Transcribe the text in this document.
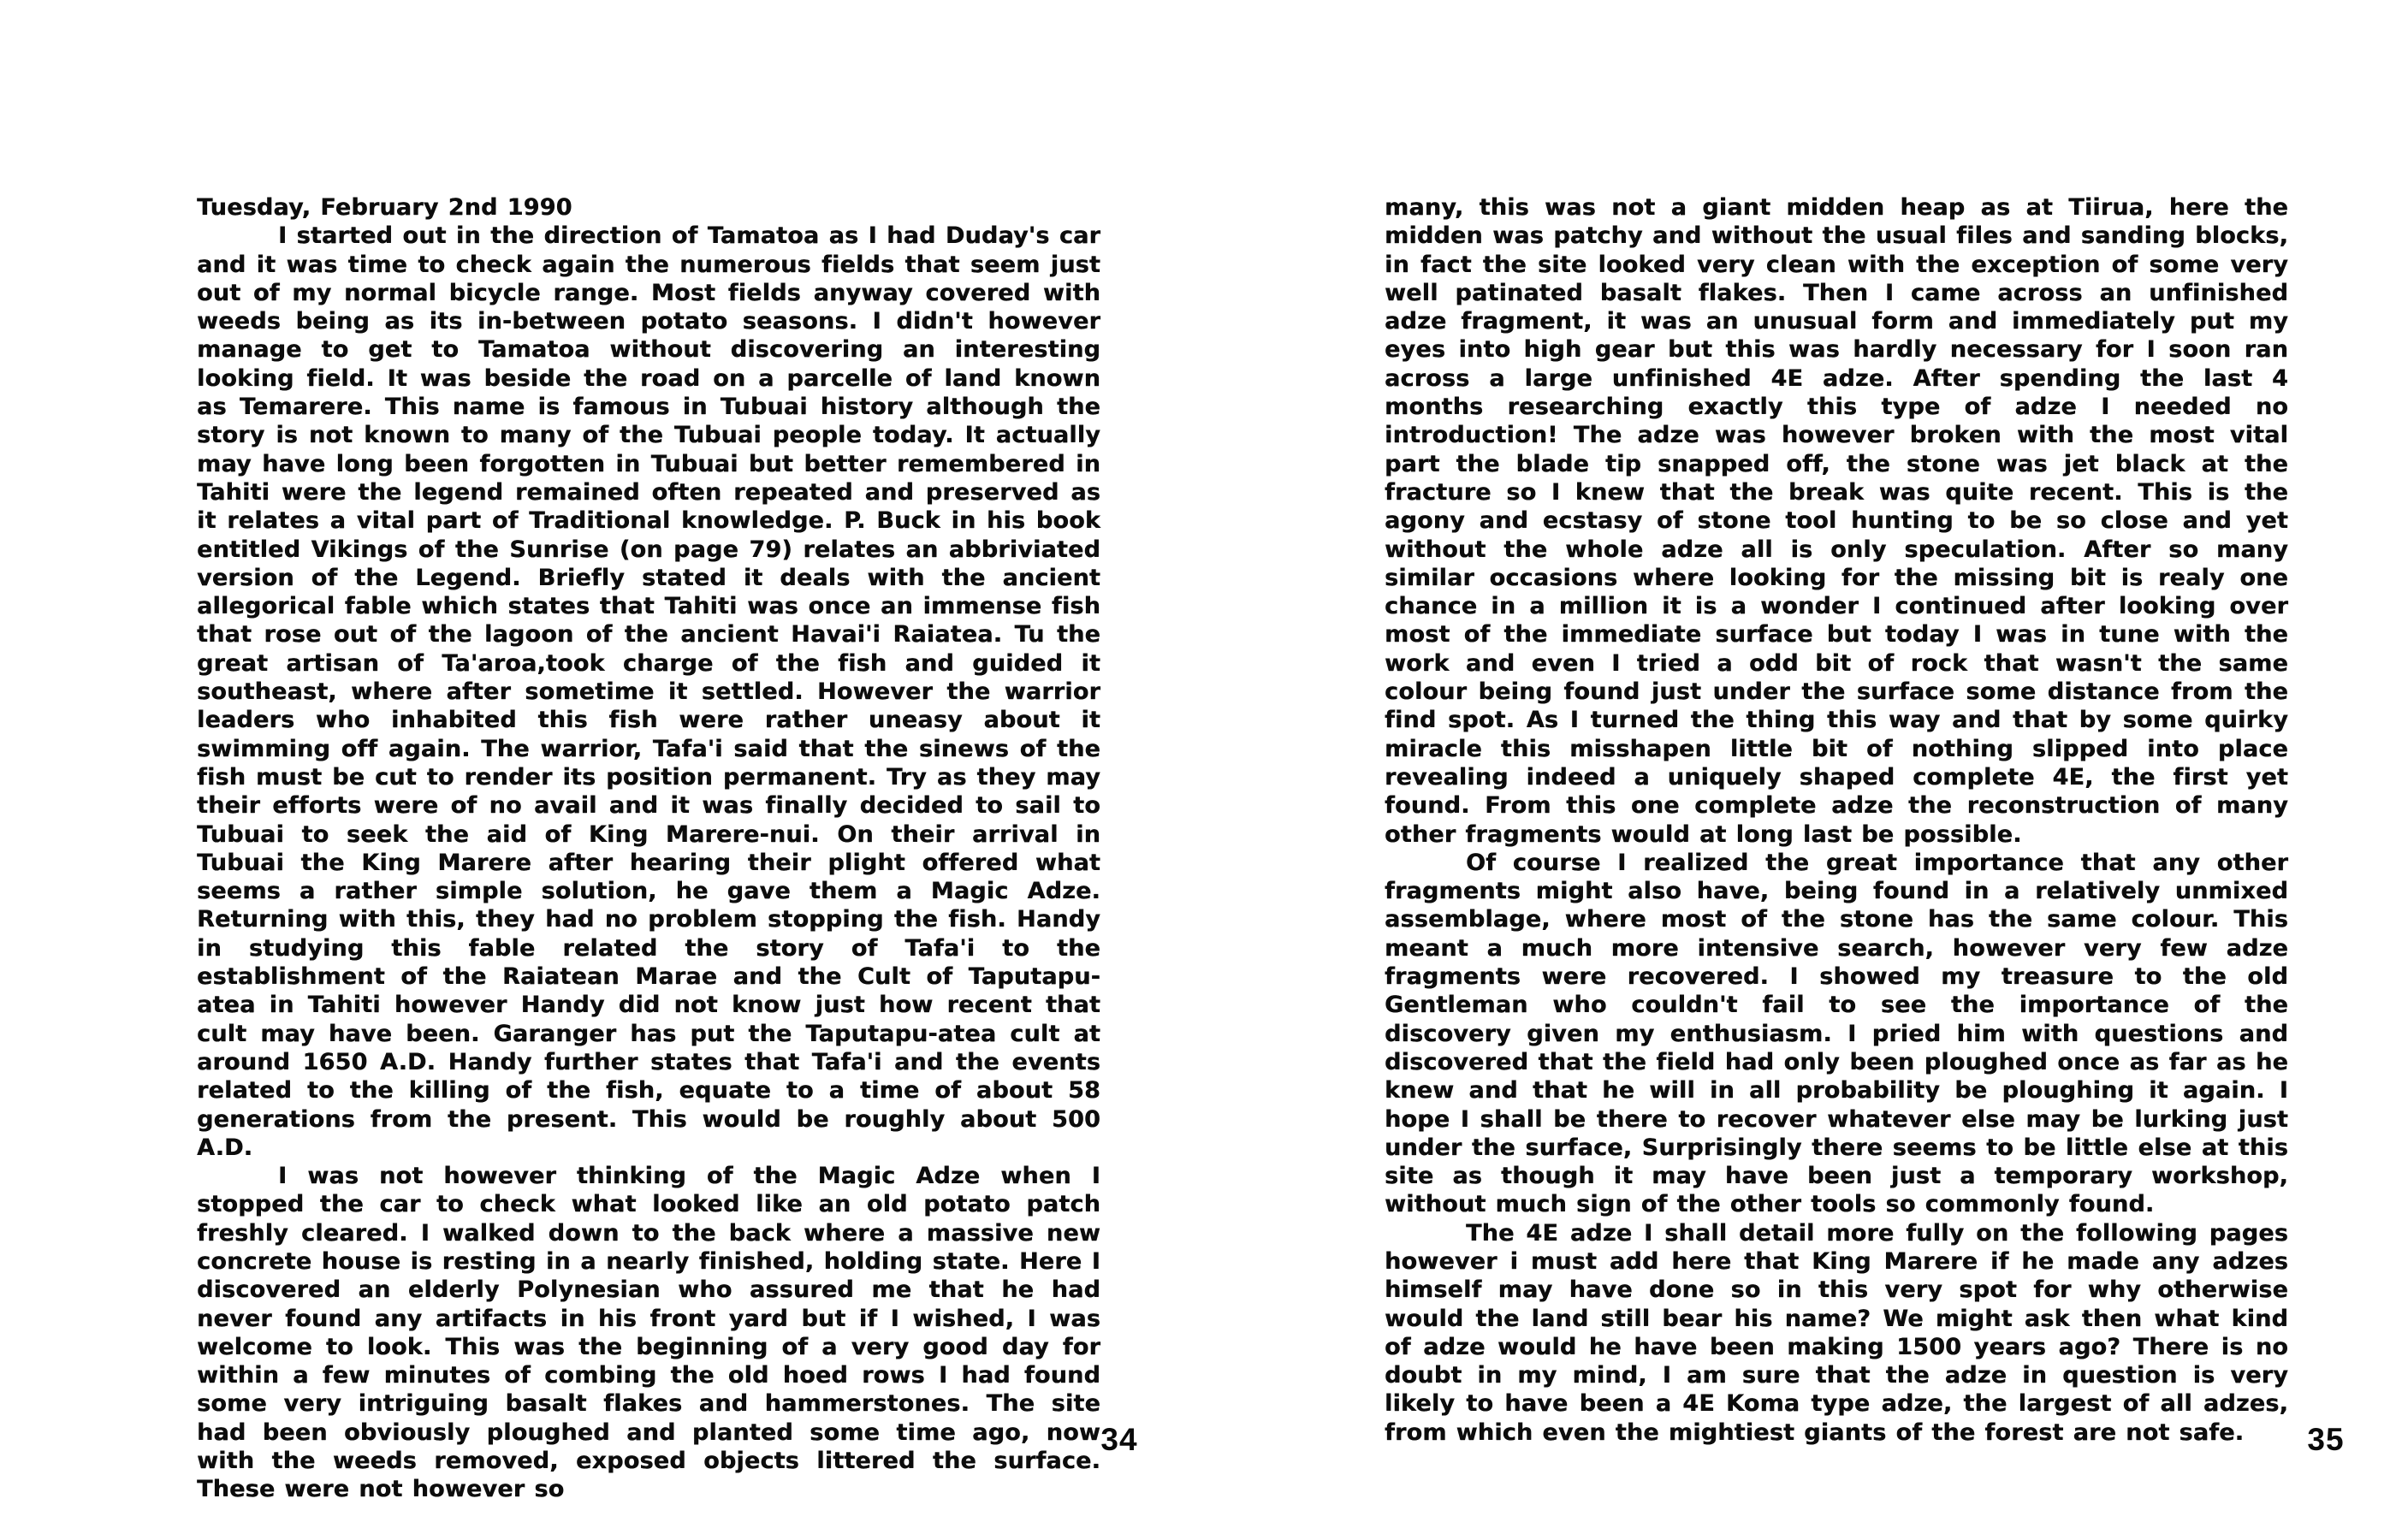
Tuesday, February 2nd 1990

I started out in the direction of Tamatoa as I had Duday's car and it was time to check again the numerous fields that seem just out of my normal bicycle range. Most fields anyway covered with weeds being as its in-between potato seasons. I didn't however manage to get to Tamatoa without discovering an interesting looking field. It was beside the road on a parcelle of land known as Temarere. This name is famous in Tubuai history although the story is not known to many of the Tubuai people today. It actually may have long been forgotten in Tubuai but better remembered in Tahiti were the legend remained often repeated and preserved as it relates a vital part of Traditional knowledge. P. Buck in his book entitled Vikings of the Sunrise (on page 79) relates an abbriviated version of the Legend. Briefly stated it deals with the ancient allegorical fable which states that Tahiti was once an immense fish that rose out of the lagoon of the ancient Havai'i Raiatea. Tu the great artisan of Ta'aroa,took charge of the fish and guided it southeast, where after sometime it settled. However the warrior leaders who inhabited this fish were rather uneasy about it swimming off again. The warrior, Tafa'i said that the sinews of the fish must be cut to render its position permanent. Try as they may their efforts were of no avail and it was finally decided to sail to Tubuai to seek the aid of King Marere-nui. On their arrival in Tubuai the King Marere after hearing their plight offered what seems a rather simple solution, he gave them a Magic Adze. Returning with this, they had no problem stopping the fish. Handy in studying this fable related the story of Tafa'i to the establishment of the Raiatean Marae and the Cult of Taputapu-atea in Tahiti however Handy did not know just how recent that cult may have been. Garanger has put the Taputapu-atea cult at around 1650 A.D. Handy further states that Tafa'i and the events related to the killing of the fish, equate to a time of about 58 generations from the present. This would be roughly about 500 A.D.

I was not however thinking of the Magic Adze when I stopped the car to check what looked like an old potato patch freshly cleared. I walked down to the back where a massive new concrete house is resting in a nearly finished, holding state. Here I discovered an elderly Polynesian who assured me that he had never found any artifacts in his front yard but if I wished, I was welcome to look. This was the beginning of a very good day for within a few minutes of combing the old hoed rows I had found some very intriguing basalt flakes and hammerstones. The site had been obviously ploughed and planted some time ago, now with the weeds removed, exposed objects littered the surface. These were not however so

many, this was not a giant midden heap as at Tiirua, here the midden was patchy and without the usual files and sanding blocks, in fact the site looked very clean with the exception of some very well patinated basalt flakes. Then I came across an unfinished adze fragment, it was an unusual form and immediately put my eyes into high gear but this was hardly necessary for I soon ran across a large unfinished 4E adze. After spending the last 4 months researching exactly this type of adze I needed no introduction! The adze was however broken with the most vital part the blade tip snapped off, the stone was jet black at the fracture so I knew that the break was quite recent. This is the agony and ecstasy of stone tool hunting to be so close and yet without the whole adze all is only speculation. After so many similar occasions where looking for the missing bit is realy one chance in a million it is a wonder I continued after looking over most of the immediate surface but today I was in tune with the work and even I tried a odd bit of rock that wasn't the same colour being found just under the surface some distance from the find spot. As I turned the thing this way and that by some quirky miracle this misshapen little bit of nothing slipped into place revealing indeed a uniquely shaped complete 4E, the first yet found. From this one complete adze the reconstruction of many other fragments would at long last be possible.

Of course I realized the great importance that any other fragments might also have, being found in a relatively unmixed assemblage, where most of the stone has the same colour. This meant a much more intensive search, however very few adze fragments were recovered. I showed my treasure to the old Gentleman who couldn't fail to see the importance of the discovery given my enthusiasm. I pried him with questions and discovered that the field had only been ploughed once as far as he knew and that he will in all probability be ploughing it again. I hope I shall be there to recover whatever else may be lurking just under the surface, Surprisingly there seems to be little else at this site as though it may have been just a temporary workshop, without much sign of the other tools so commonly found.

The 4E adze I shall detail more fully on the following pages however i must add here that King Marere if he made any adzes himself may have done so in this very spot for why otherwise would the land still bear his name? We might ask then what kind of adze would he have been making 1500 years ago? There is no doubt in my mind, I am sure that the adze in question is very likely to have been a 4E Koma type adze, the largest of all adzes, from which even the mightiest giants of the forest are not safe.

34	35
